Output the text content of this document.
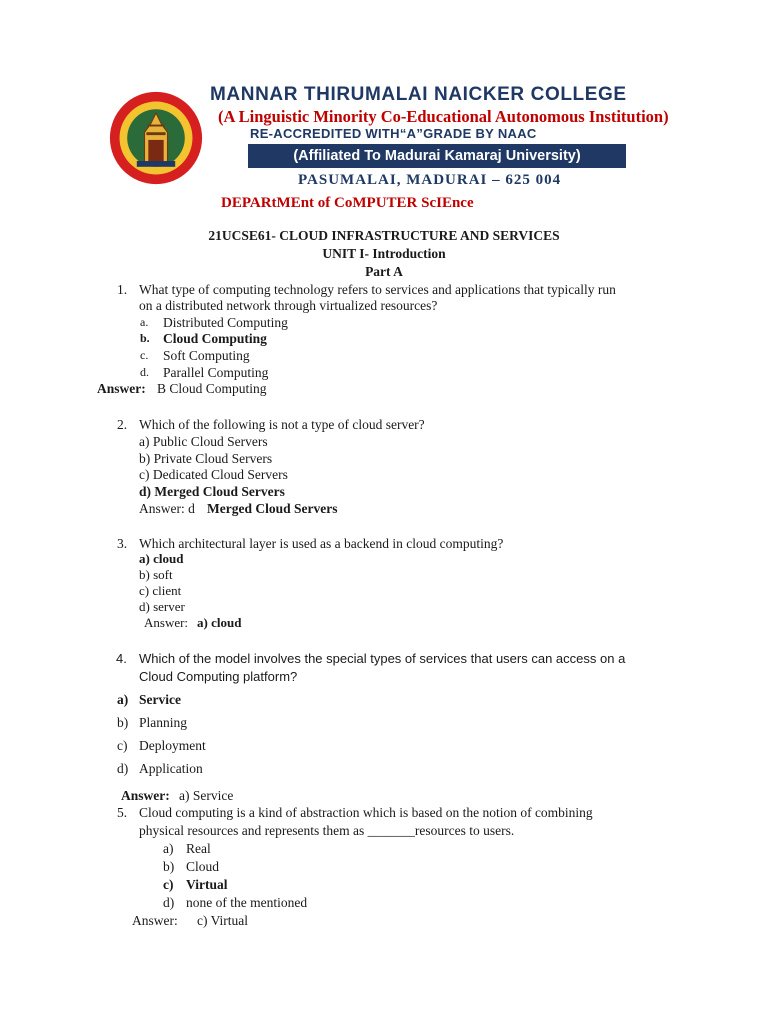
MANNAR THIRUMALAI NAICKER COLLEGE
(A Linguistic Minority Co-Educational Autonomous Institution)
RE-ACCREDITED WITH“A”GRADE BY NAAC
(Affiliated To Madurai Kamaraj University)
PASUMALAI, MADURAI – 625 004
DEPARtMEnt of CoMPUTER ScIEnce
21UCSE61- CLOUD INFRASTRUCTURE AND SERVICES
UNIT I- Introduction
Part A
1. What type of computing technology refers to services and applications that typically run
on a distributed network through virtualized resources?
a. Distributed Computing
b. Cloud Computing
c. Soft Computing
d. Parallel Computing
Answer: B Cloud Computing
2. Which of the following is not a type of cloud server?
a) Public Cloud Servers
b) Private Cloud Servers
c) Dedicated Cloud Servers
d) Merged Cloud Servers
Answer: d Merged Cloud Servers
3. Which architectural layer is used as a backend in cloud computing?
a) cloud
b) soft
c) client
d) server
Answer: a) cloud
4. Which of the model involves the special types of services that users can access on a
Cloud Computing platform?
a) Service
b) Planning
c) Deployment
d) Application
Answer: a) Service
5. Cloud computing is a kind of abstraction which is based on the notion of combining
physical resources and represents them as _______resources to users.
a) Real
b) Cloud
c) Virtual
d) none of the mentioned
Answer: c) Virtual
